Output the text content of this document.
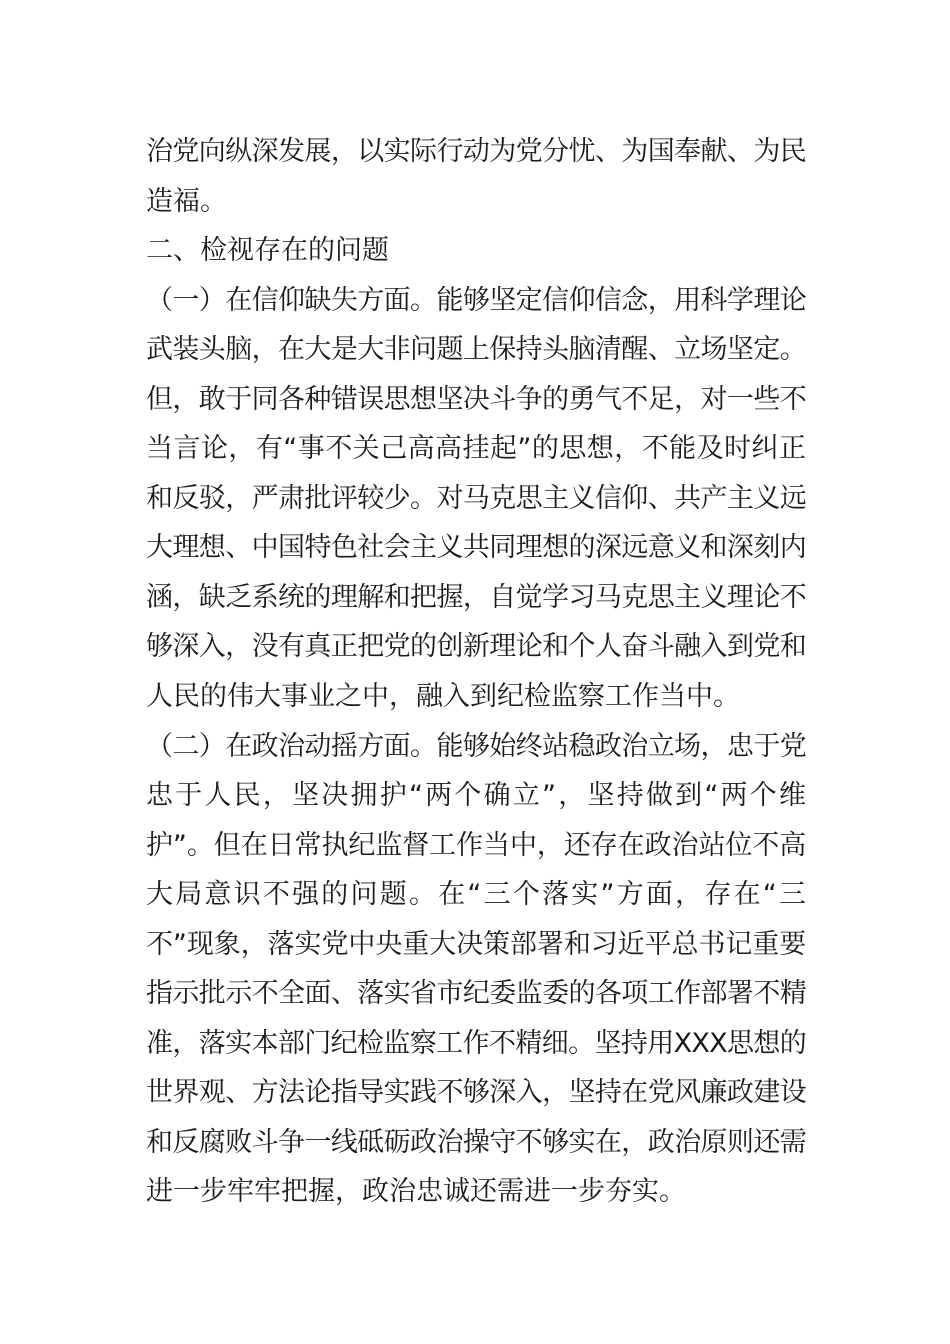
治党向纵深发展，以实际行动为党分忧、为国奉献、为民
造福。
二、检视存在的问题
（一）在信仰缺失方面。能够坚定信仰信念，用科学理论
武装头脑，在大是大非问题上保持头脑清醒、立场坚定。
但，敢于同各种错误思想坚决斗争的勇气不足，对一些不
当言论，有“事不关己高高挂起”的思想，不能及时纠正
和反驳，严肃批评较少。对马克思主义信仰、共产主义远
大理想、中国特色社会主义共同理想的深远意义和深刻内
涵，缺乏系统的理解和把握，自觉学习马克思主义理论不
够深入，没有真正把党的创新理论和个人奋斗融入到党和
人民的伟大事业之中，融入到纪检监察工作当中。
（二）在政治动摇方面。能够始终站稳政治立场，忠于党
忠于人民，坚决拥护“两个确立”，坚持做到“两个维
护”。但在日常执纪监督工作当中，还存在政治站位不高
大局意识不强的问题。在“三个落实”方面，存在“三
不”现象，落实党中央重大决策部署和习近平总书记重要
指示批示不全面、落实省市纪委监委的各项工作部署不精
准，落实本部门纪检监察工作不精细。坚持用XXX思想的
世界观、方法论指导实践不够深入，坚持在党风廉政建设
和反腐败斗争一线砥砺政治操守不够实在，政治原则还需
进一步牢牢把握，政治忠诚还需进一步夯实。
